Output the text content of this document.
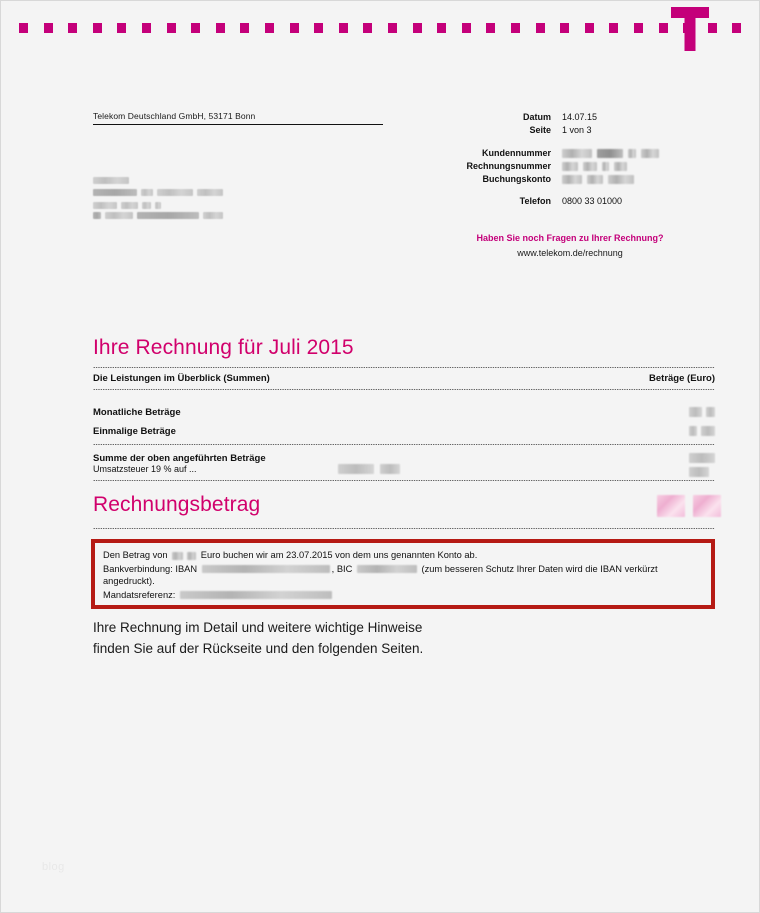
Telekom Deutschland GmbH, 53171 Bonn	Datum	14.07.15
Seite	1 von 3
Kundennummer
Rechnungsnummer
Buchungskonto
Telefon	0800 33 01000
Haben Sie noch Fragen zu Ihrer Rechnung?
www.telekom.de/rechnung
Ihre Rechnung für Juli 2015
Die Leistungen im Überblick (Summen)	Beträge (Euro)
Monatliche Beträge
Einmalige Beträge
Summe der oben angeführten Beträge
Umsatzsteuer 19 % auf ...

Rechnungsbetrag

Den Betrag von	Euro buchen wir am 23.07.2015 von dem uns genannten Konto ab.

Bankverbindung: IBAN	, BIC	(zum besseren Schutz Ihrer Daten wird die IBAN verkürzt angedruckt).

Mandatsreferenz:

Ihre Rechnung im Detail und weitere wichtige Hinweise
finden Sie auf der Rückseite und den folgenden Seiten.
blog
